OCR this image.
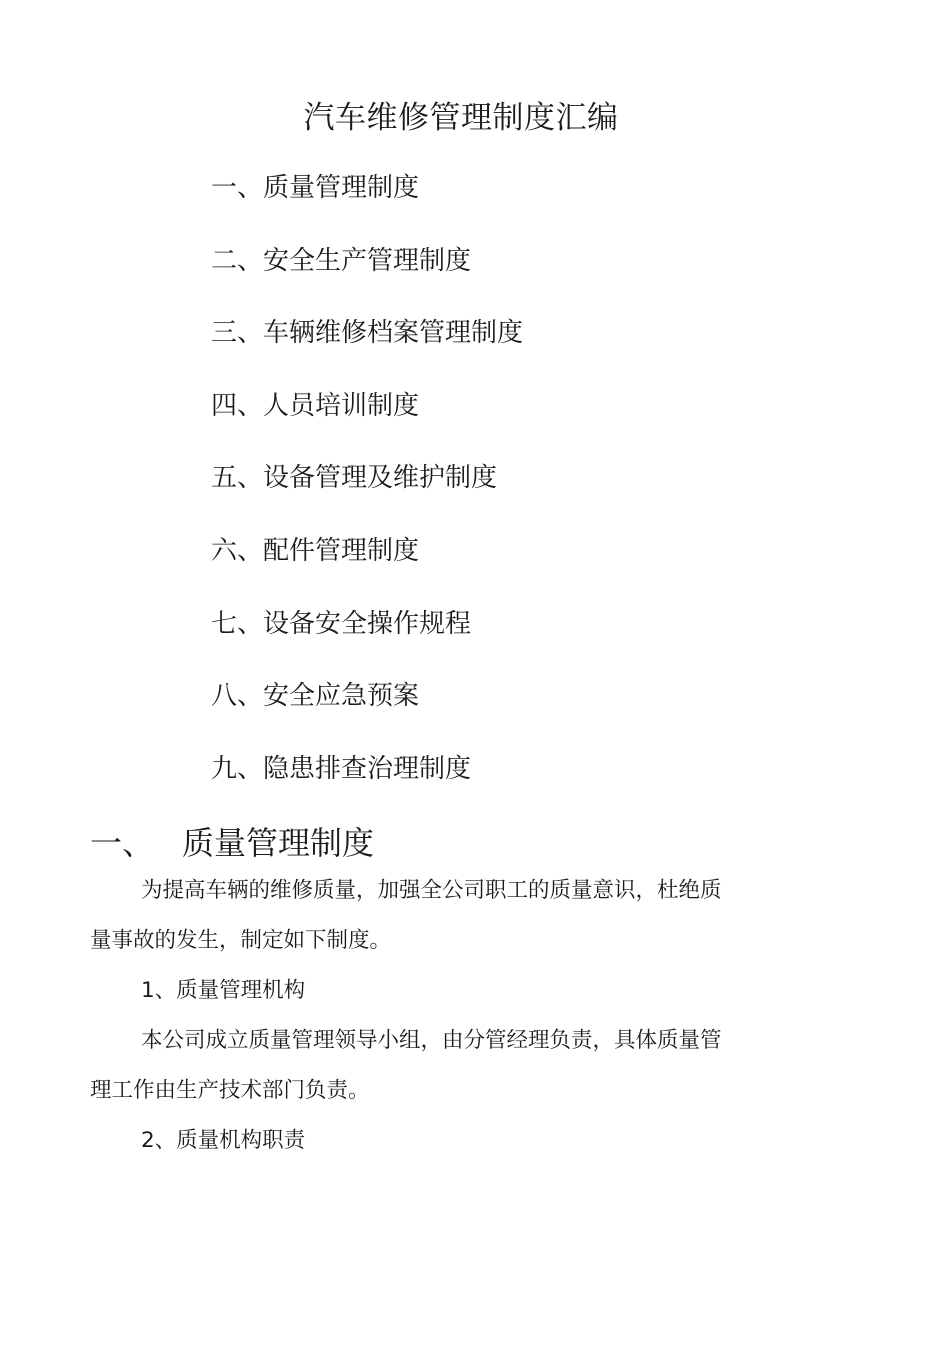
汽车维修管理制度汇编
一、质量管理制度
二、安全生产管理制度
三、车辆维修档案管理制度
四、人员培训制度
五、设备管理及维护制度
六、配件管理制度
七、设备安全操作规程
八、安全应急预案
九、隐患排查治理制度
一、 质量管理制度
为提高车辆的维修质量，加强全公司职工的质量意识，杜绝质
量事故的发生，制定如下制度。
1、质量管理机构
本公司成立质量管理领导小组，由分管经理负责，具体质量管
理工作由生产技术部门负责。
2、质量机构职责
